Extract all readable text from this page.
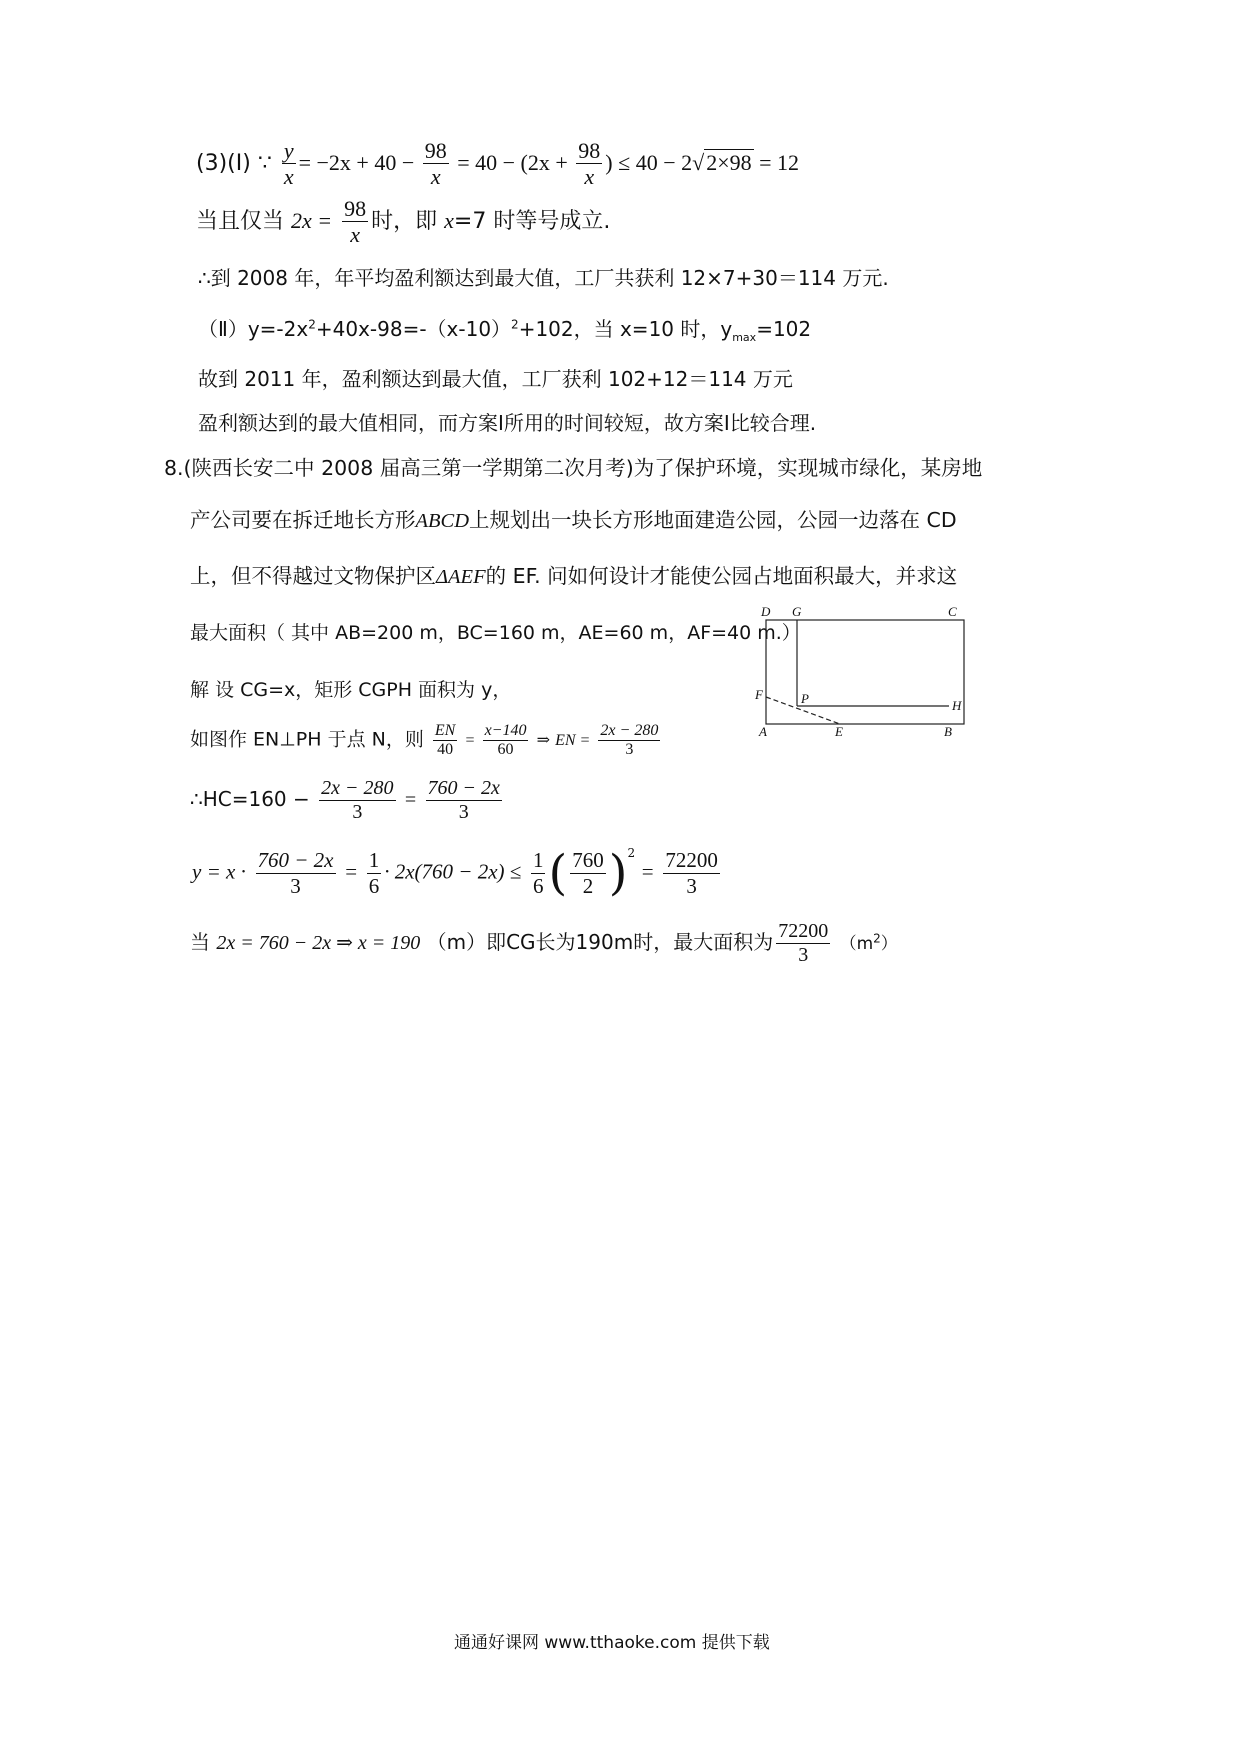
(3)(Ⅰ) ∵ $\frac{y}{x} = -2x + 40 - \frac{98}{x} = 40 - (2x + \frac{98}{x}$ ) ≤ 40 − 2√2×98 = 12
当且仅当 $2x = \frac{98}{x}$ 时，即 x=7 时等号成立.
∴到 2008 年，年平均盈利额达到最大值，工厂共获利 12×7+30＝114 万元.
$(Ⅱ)y=-2x^2+40x-98=-(x-10)^2+102$，当 x=10 时，$y_{max}=102$
故到 2011 年，盈利额达到最大值，工厂获利 102+12＝114 万元
盈利额达到的最大值相同，而方案Ⅰ所用的时间较短，故方案Ⅰ比较合理.
8.(陕西长安二中 2008 届高三第一学期第二次月考)为了保护环境，实现城市绿化，某房地
产公司要在拆迁地长方形ABCD上规划出一块长方形地面建造公园，公园一边落在 CD
上，但不得越过文物保护区ΔAEF的 EF. 问如何设计才能使公园占地面积最大，并求这
最大面积（ 其中 AB=200 m，BC=160 m，AE=60 m，AF=40 m.）
解 设 CG=x，矩形 CGPH 面积为 y，
如图作 EN⊥PH 于点 N，则 $\frac{EN}{40} = \frac{x-140}{60}$ ⇒ EN = $\frac{2x - 280}{3}$
∴HC=160 − $\frac{2x - 280}{3} = \frac{760 - 2x}{3}$
$y = x \cdot \frac{760 - 2x}{3} = \frac{1}{6} \cdot 2x(760 - 2x) \le \frac{1}{6}$ ( $\frac{760}{2} )^2 = \frac{72200}{3}$
当 2x = 760 − 2x ⇒ x = 190 （m）即CG长为190m时，最大面积为 $\frac{72200}{3} (m^2)$
D G	C
F	P	H
A	E	B
通通好课网 www.tthaoke.com 提供下载
